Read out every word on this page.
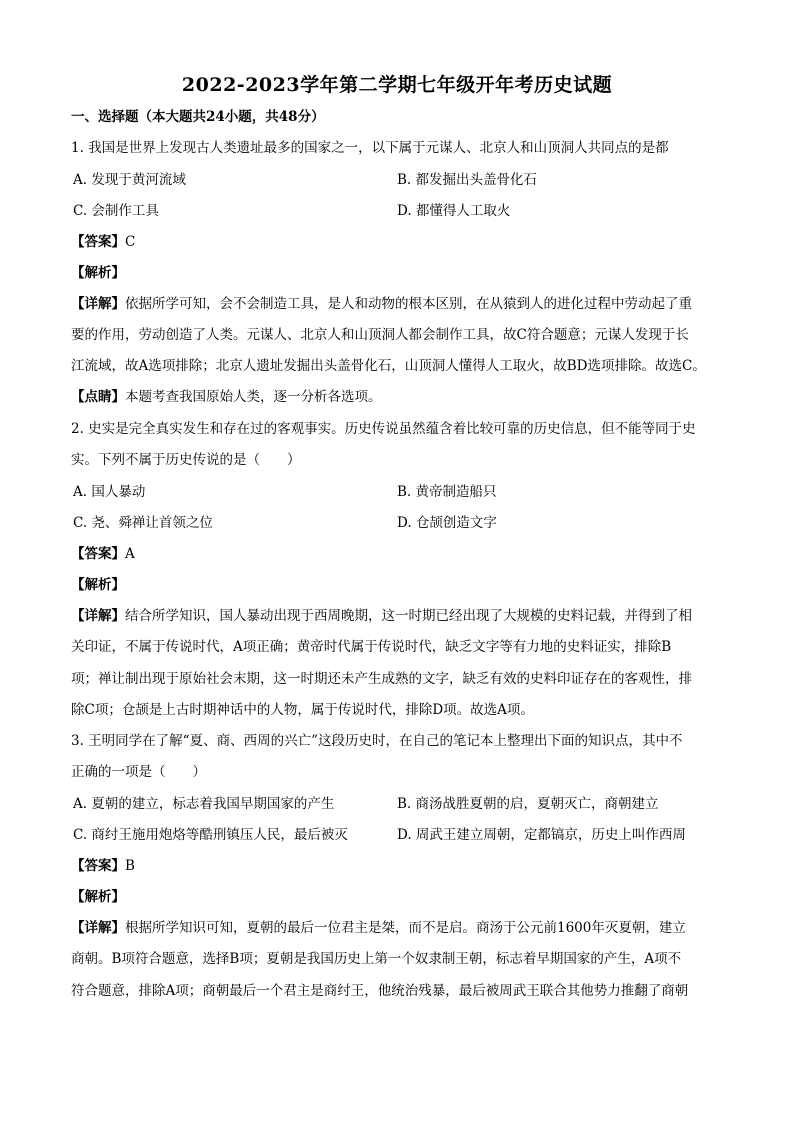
2022-2023学年第二学期七年级开年考历史试题
一、选择题（本大题共24小题，共48分）
1. 我国是世界上发现古人类遗址最多的国家之一，以下属于元谋人、北京人和山顶洞人共同点的是都
A. 发现于黄河流域	B. 都发掘出头盖骨化石
C. 会制作工具	D. 都懂得人工取火
【答案】C
【解析】
【详解】依据所学可知，会不会制造工具，是人和动物的根本区别，在从猿到人的进化过程中劳动起了重
要的作用，劳动创造了人类。元谋人、北京人和山顶洞人都会制作工具，故C符合题意；元谋人发现于长
江流域，故A选项排除；北京人遗址发掘出头盖骨化石，山顶洞人懂得人工取火，故BD选项排除。故选C。
【点睛】本题考查我国原始人类，逐一分析各选项。
2. 史实是完全真实发生和存在过的客观事实。历史传说虽然蕴含着比较可靠的历史信息，但不能等同于史
实。下列不属于历史传说的是（　　）
A. 国人暴动	B. 黄帝制造船只
C. 尧、舜禅让首领之位	D. 仓颉创造文字
【答案】A
【解析】
【详解】结合所学知识，国人暴动出现于西周晚期，这一时期已经出现了大规模的史料记载，并得到了相
关印证，不属于传说时代，A项正确；黄帝时代属于传说时代，缺乏文字等有力地的史料证实，排除B
项；禅让制出现于原始社会末期，这一时期还未产生成熟的文字，缺乏有效的史料印证存在的客观性，排
除C项；仓颉是上古时期神话中的人物，属于传说时代，排除D项。故选A项。
3. 王明同学在了解“夏、商、西周的兴亡”这段历史时，在自己的笔记本上整理出下面的知识点，其中不
正确的一项是（　　）
A. 夏朝的建立，标志着我国早期国家的产生	B. 商汤战胜夏朝的启，夏朝灭亡，商朝建立
C. 商纣王施用炮烙等酷刑镇压人民，最后被灭	D. 周武王建立周朝，定都镐京，历史上叫作西周
【答案】B
【解析】
【详解】根据所学知识可知，夏朝的最后一位君主是桀，而不是启。商汤于公元前1600年灭夏朝，建立
商朝。B项符合题意，选择B项；夏朝是我国历史上第一个奴隶制王朝，标志着早期国家的产生，A项不
符合题意，排除A项；商朝最后一个君主是商纣王，他统治残暴，最后被周武王联合其他势力推翻了商朝
